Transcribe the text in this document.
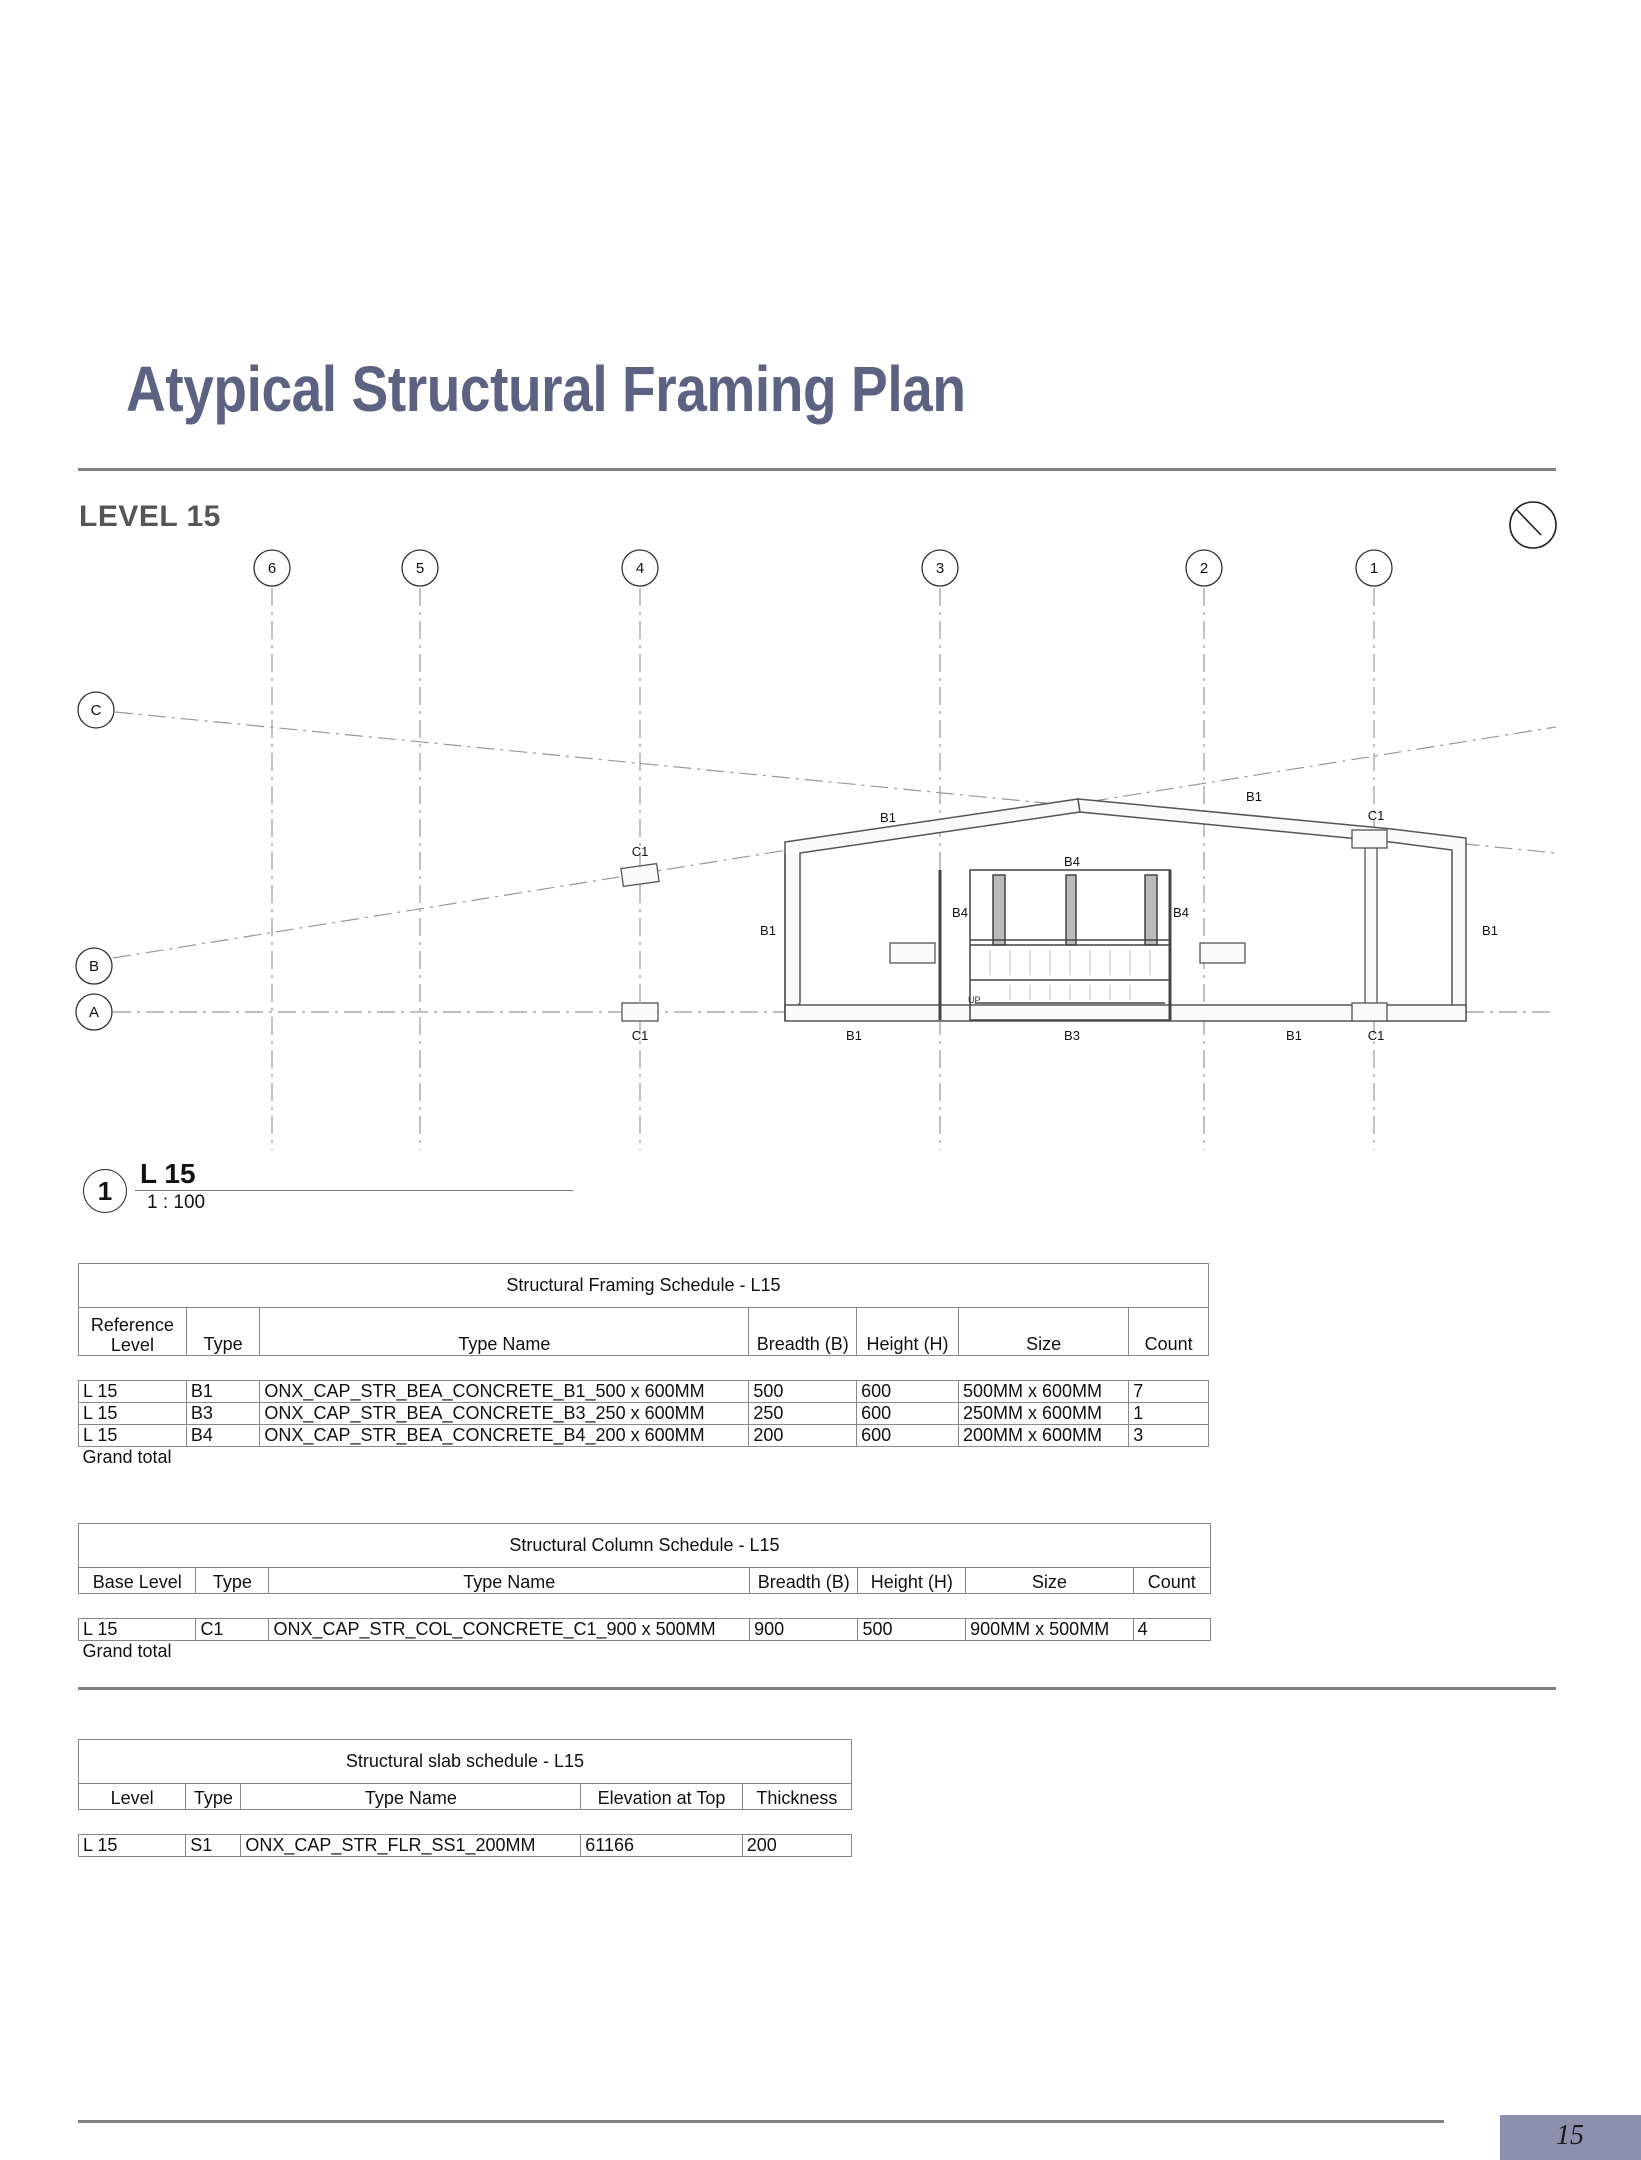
Atypical Structural Framing Plan
LEVEL 15
6	5	4	3	2	1
C
B
A
UP
B1
B1
B1	B1
B1	B1
B3
B4
B4	B4
C1
C1
C1
C1
1
L 15
1 : 100
Structural Framing Schedule - L15						
Reference Level	Type	Type Name	Breadth (B)	Height (H)	Size	Count

L 15	B1	ONX_CAP_STR_BEA_CONCRETE_B1_500 x 600MM	500	600	500MM x 600MM	7
L 15	B3	ONX_CAP_STR_BEA_CONCRETE_B3_250 x 600MM	250	600	250MM x 600MM	1
L 15	B4	ONX_CAP_STR_BEA_CONCRETE_B4_200 x 600MM	200	600	200MM x 600MM	3
Grand total						
Structural Column Schedule - L15						
Base Level	Type	Type Name	Breadth (B)	Height (H)	Size	Count

L 15	C1	ONX_CAP_STR_COL_CONCRETE_C1_900 x 500MM	900	500	900MM x 500MM	4
Grand total						
Structural slab schedule - L15				
Level	Type	Type Name	Elevation at Top	Thickness

L 15	S1	ONX_CAP_STR_FLR_SS1_200MM	61166	200
15
